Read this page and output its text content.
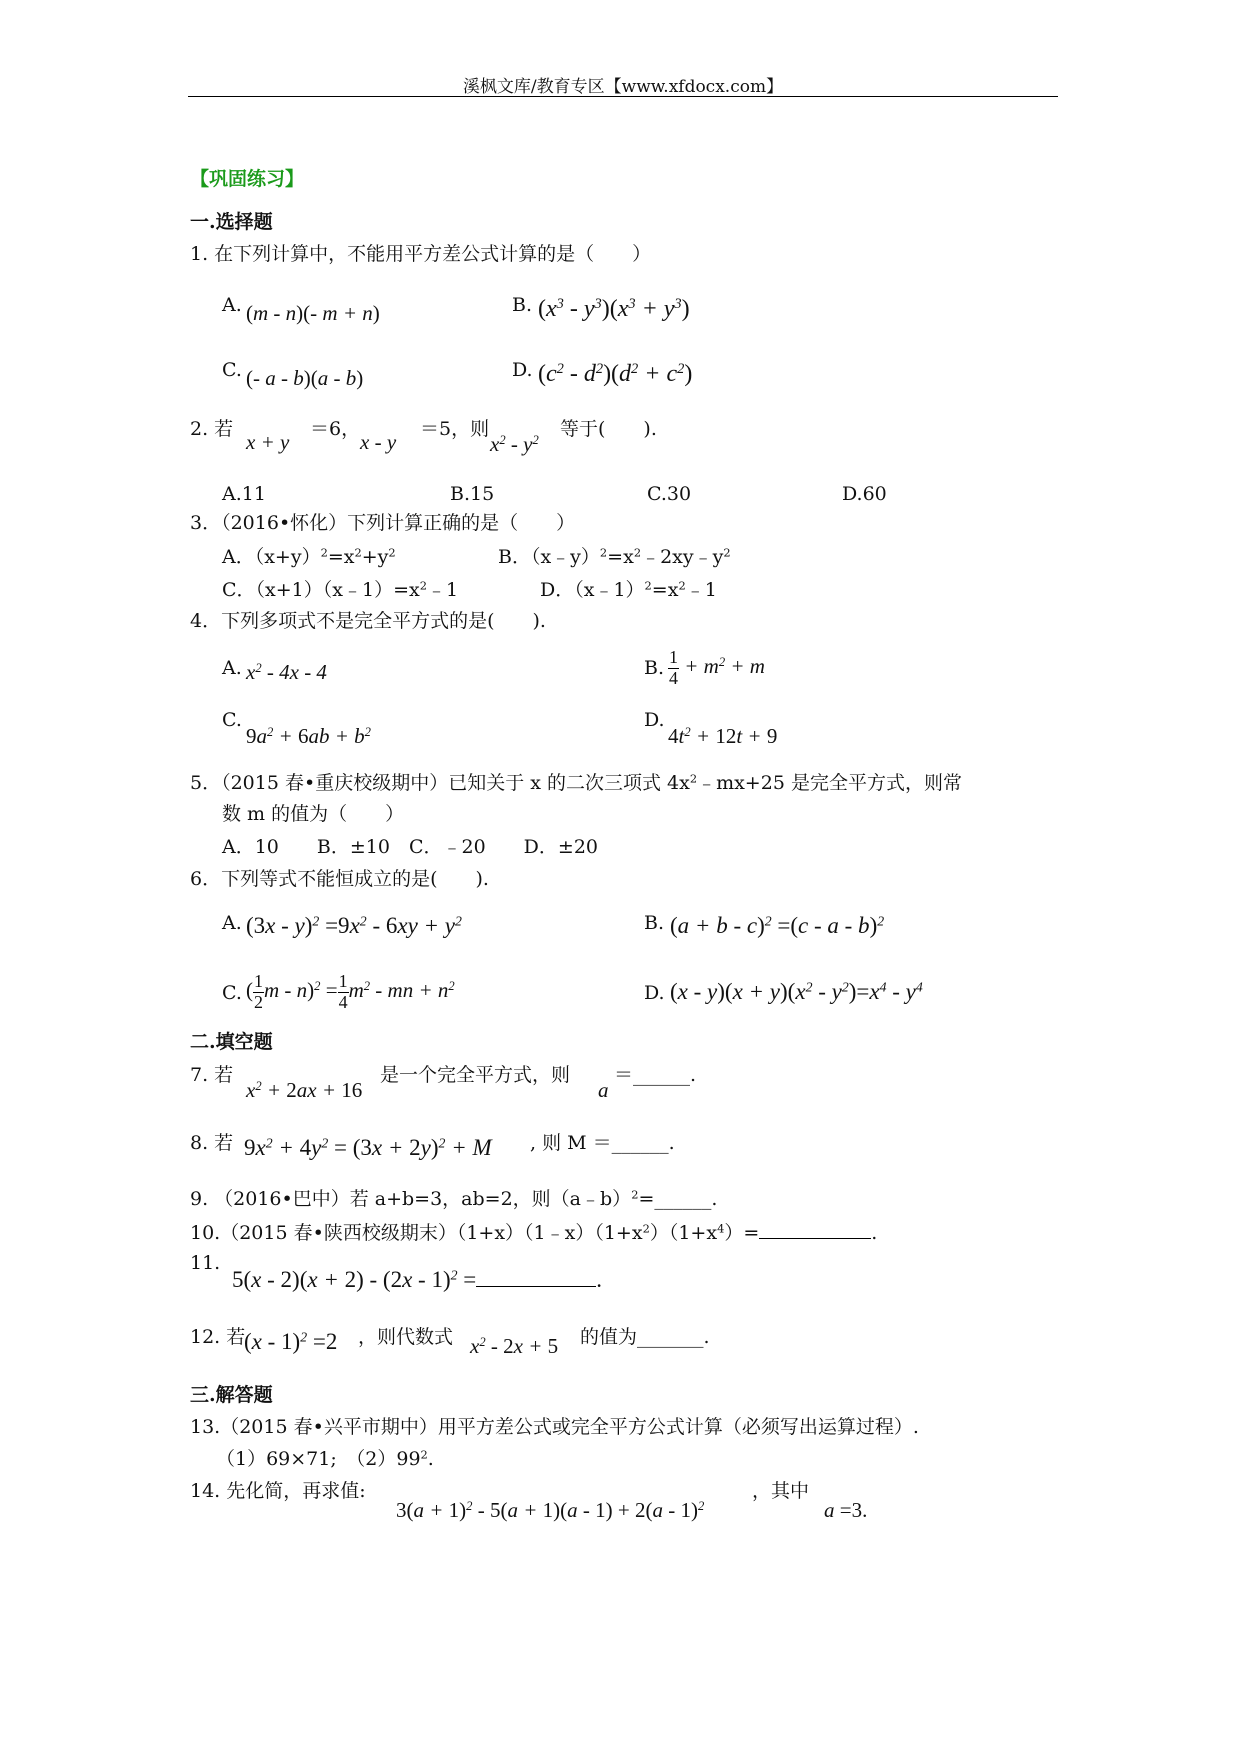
溪枫文库/教育专区【www.xfdocx.com】
【巩固练习】
一.选择题
1. 在下列计算中，不能用平方差公式计算的是（　　）
A. (m - n)(- m + n)	B. $(x^3 - y^3)(x^3 + y^3)$
C. (- a - b)(a - b)	D. $(c^2 - d^2)(d^2 + c^2)$
2. 若
x + y
＝6，
x - y
＝5，则
$x^2 - y^2$
等于(　　).
A.11	B.15	C.30	D.60
3．（2016•怀化）下列计算正确的是（　　）
A．$(x+y)^2=x^2+y^2$	B．$(x﹣y)^2=x^2﹣2xy﹣y^2$
C．$(x+1)(x﹣1)=x^2﹣1$	D．$(x﹣1)^2=x^2﹣1$
4．下列多项式不是完全平方式的是(　　).
A. $x^2 - 4x - 4$	B. $\frac{1}{4} + m^2 + m$
C.
$9a^2 + 6ab + b^2$
D.
$4t^2 + 12t + 9$
5．（2015 春•重庆校级期中）已知关于 x 的二次三项式 $4x^2﹣mx+25$ 是完全平方式，则常
数 m 的值为（　　）
A．10　　B．±10　C．﹣20　　D．±20
6．下列等式不能恒成立的是(　　).
A. $(3x - y)^2 =9x^2 - 6xy + y^2$	B. $(a + b - c)^2 =(c - a - b)^2$
C. ( $\frac{1}{2}$ $m - n)^2 = \frac{1}{4} m^2$ - mn + $n^2$	D. $(x - y)(x + y)(x^2 - y^2)=x^4 - y^4$
二.填空题
7. 若
$x^2 + 2ax + 16$
是一个完全平方式，则
a
＝______.
8. 若 $9x^2 + 4y^2 = (3x + 2y)^2 + M$ , 则 M ＝______.
9. （2016•巴中）若 a+b=3，ab=2，则（a﹣b）$^2$=______.
10.（2015 春•陕西校级期末）$(1+x)(1﹣x)(1+x^2)(1+x^4)=$	.
11.
5(x - 2)(x + 2) - (2x - 1)$^2$ =	.
12. 若
(x - 1)$^2$ =2 ，则代数式 $x^2 - 2x + 5$ 的值为_______.
三.解答题
13.（2015 春•兴平市期中）用平方差公式或完全平方公式计算（必须写出运算过程）.
（1）69×71;　$(2)99^2$.
14. 先化简，再求值:
$3(a + 1)^2 - 5(a + 1)(a - 1) + 2(a - 1)^2$
，其中
a =3.
